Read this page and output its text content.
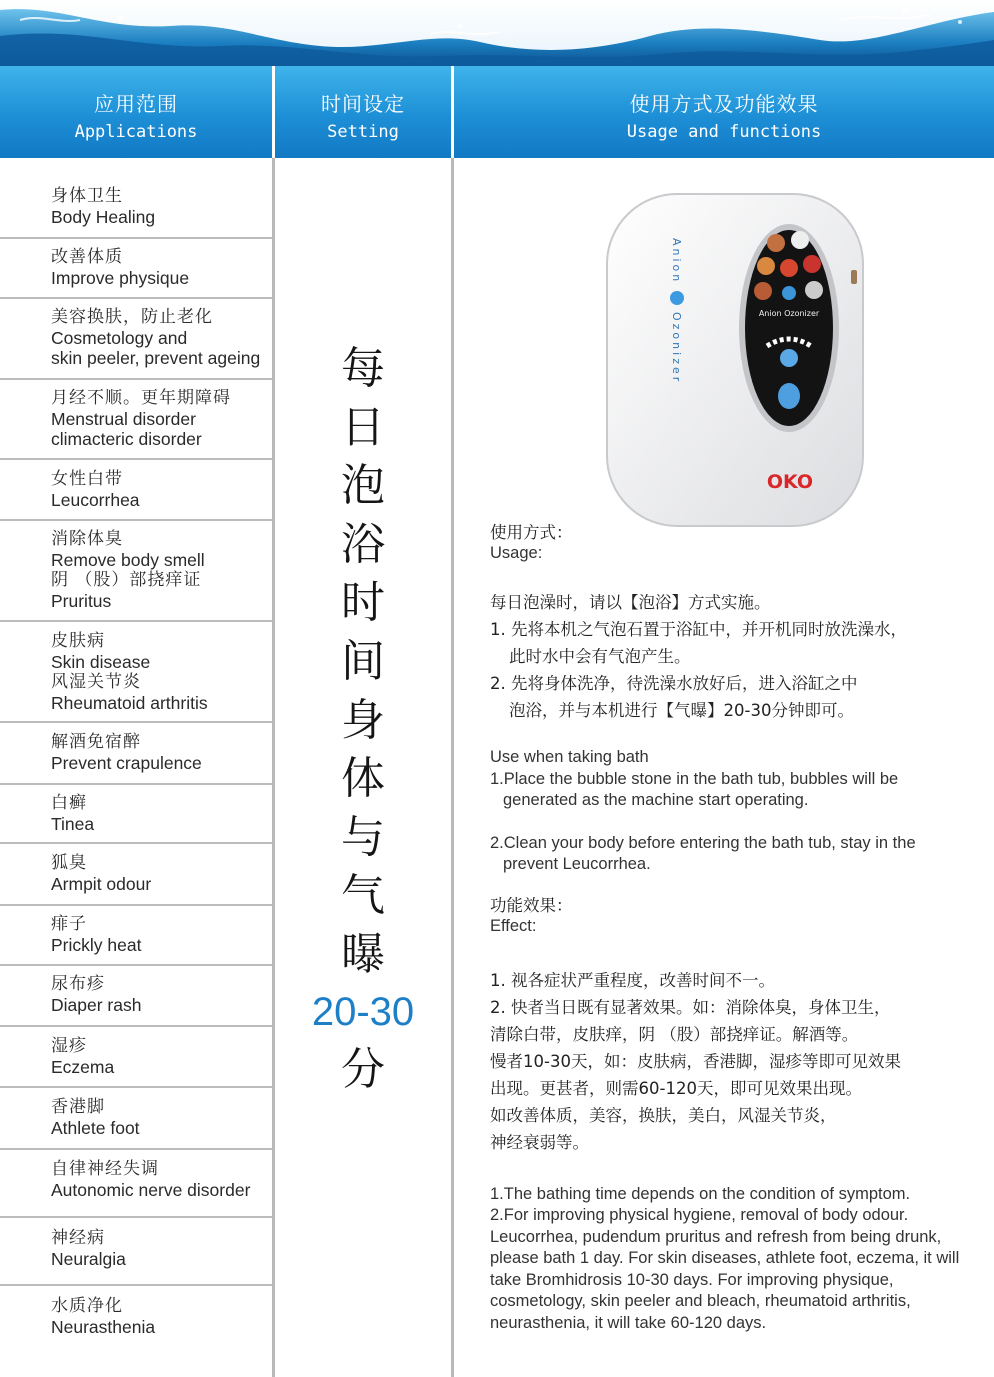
应用范围
Applications
时间设定
Setting
使用方式及功能效果
Usage and functions
身体卫生
Body Healing
改善体质
Improve physique
美容换肤，防止老化
Cosmetology and
skin peeler, prevent ageing
月经不顺。更年期障碍
Menstrual disorder
climacteric disorder
女性白带
Leucorrhea
消除体臭
Remove body smell
阴 （股）部挠痒证
Pruritus
皮肤病
Skin disease
风湿关节炎
Rheumatoid arthritis
解酒免宿醉
Prevent crapulence
白癣
Tinea
狐臭
Armpit odour
痱子
Prickly heat
尿布疹
Diaper rash
湿疹
Eczema
香港脚
Athlete foot
自律神经失调
Autonomic nerve disorder
神经病
Neuralgia
水质净化
Neurasthenia
每
日
泡
浴
时
间
身
体
与
气
曝
20-30
分
Anion Ozonizer
Anion
Ozonizer
OKO
使用方式：
Usage:
每日泡澡时，请以【泡浴】方式实施。
1. 先将本机之气泡石置于浴缸中，并开机同时放洗澡水，
此时水中会有气泡产生。
2. 先将身体洗净，待洗澡水放好后，进入浴缸之中
泡浴，并与本机进行【气曝】20-30分钟即可。
Use when taking bath
1.Place the bubble stone in the bath tub, bubbles will be
generated as the machine start operating.
2.Clean your body before entering the bath tub, stay in the
prevent Leucorrhea.
功能效果：
Effect:
1. 视各症状严重程度，改善时间不一。
2. 快者当日既有显著效果。如：消除体臭，身体卫生，
清除白带，皮肤痒，阴 （股）部挠痒证。解酒等。
慢者10-30天，如：皮肤病，香港脚，湿疹等即可见效果
出现。更甚者，则需60-120天，即可见效果出现。
如改善体质，美容，换肤，美白，风湿关节炎，
神经衰弱等。
1.The bathing time depends on the condition of symptom.
2.For improving physical hygiene, removal of body odour.
Leucorrhea, pudendum pruritus and refresh from being drunk,
please bath 1 day. For skin diseases, athlete foot, eczema, it will
take Bromhidrosis 10-30 days. For improving physique,
cosmetology, skin peeler and bleach, rheumatoid arthritis,
neurasthenia, it will take 60-120 days.
